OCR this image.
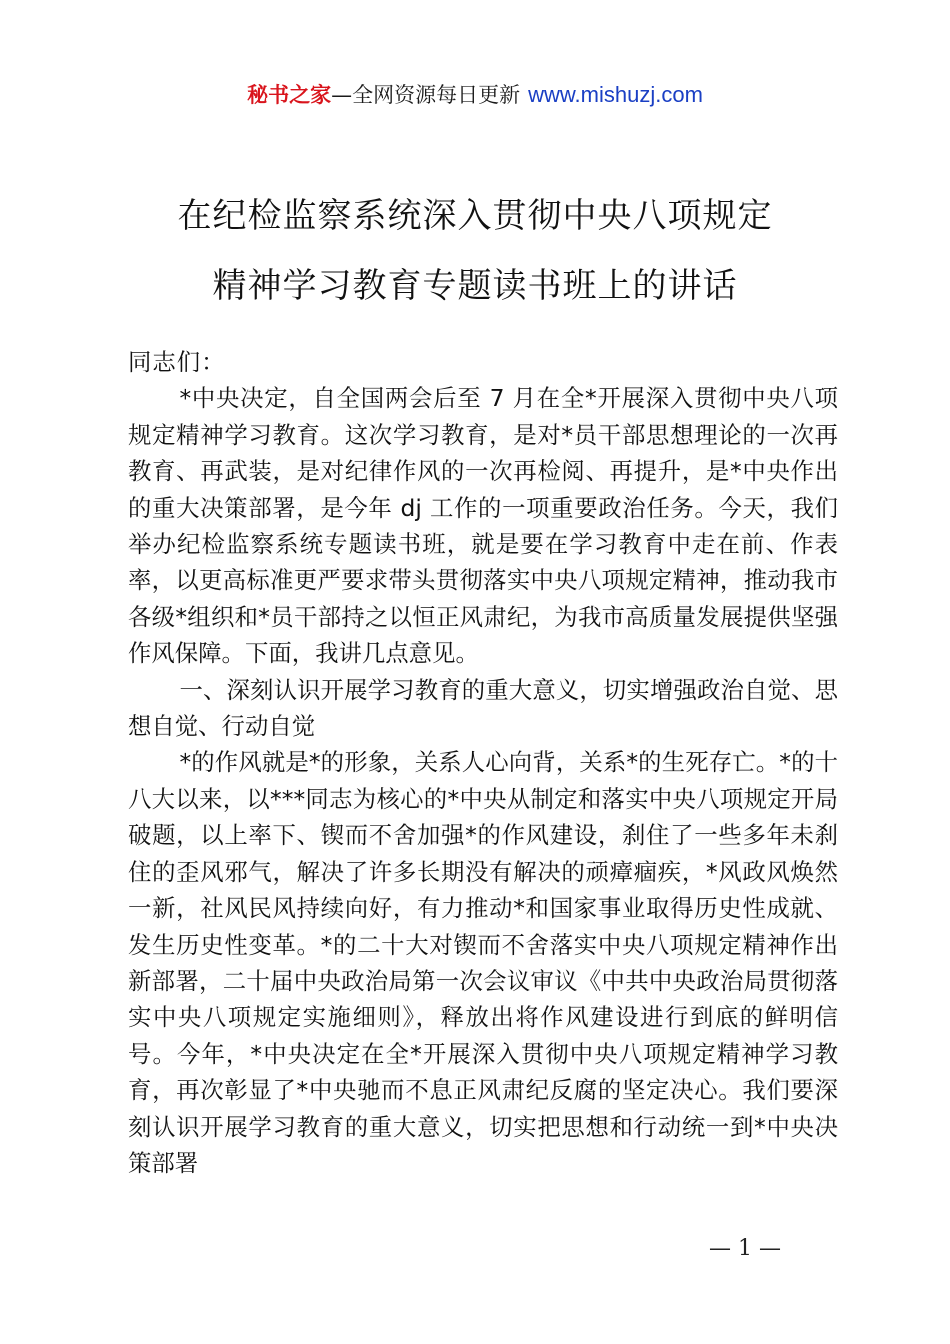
秘书之家—全网资源每日更新 www.mishuzj.com
在纪检监察系统深入贯彻中央八项规定
精神学习教育专题读书班上的讲话

同志们：

*中央决定，自全国两会后至 7 月在全*开展深入贯彻中央八项规定精神学习教育。这次学习教育，是对*员干部思想理论的一次再教育、再武装，是对纪律作风的一次再检阅、再提升，是*中央作出的重大决策部署，是今年 dj 工作的一项重要政治任务。今天，我们举办纪检监察系统专题读书班，就是要在学习教育中走在前、作表率，以更高标准更严要求带头贯彻落实中央八项规定精神，推动我市各级*组织和*员干部持之以恒正风肃纪，为我市高质量发展提供坚强作风保障。下面，我讲几点意见。

一、深刻认识开展学习教育的重大意义，切实增强政治自觉、思想自觉、行动自觉

*的作风就是*的形象，关系人心向背，关系*的生死存亡。*的十八大以来，以***同志为核心的*中央从制定和落实中央八项规定开局破题，以上率下、锲而不舍加强*的作风建设，刹住了一些多年未刹住的歪风邪气，解决了许多长期没有解决的顽瘴痼疾，*风政风焕然一新，社风民风持续向好，有力推动*和国家事业取得历史性成就、发生历史性变革。*的二十大对锲而不舍落实中央八项规定精神作出新部署，二十届中央政治局第一次会议审议《中共中央政治局贯彻落实中央八项规定实施细则》，释放出将作风建设进行到底的鲜明信号。今年，*中央决定在全*开展深入贯彻中央八项规定精神学习教育，再次彰显了*中央驰而不息正风肃纪反腐的坚定决心。我们要深刻认识开展学习教育的重大意义，切实把思想和行动统一到*中央决策部署

— 1 —
